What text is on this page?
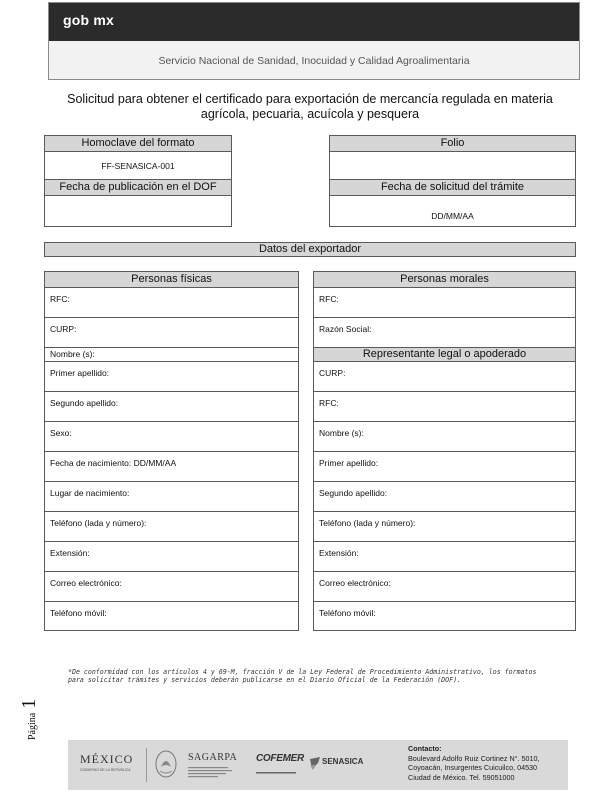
gob mx
Servicio Nacional de Sanidad, Inocuidad y Calidad Agroalimentaria
Solicitud para obtener el certificado para exportación de mercancía regulada en materia
agrícola, pecuaria, acuícola y pesquera
Homoclave del formato
FF-SENASICA-001
Fecha de publicación en el DOF
Folio
Fecha de solicitud del trámite
DD/MM/AA
Datos del exportador
Personas físicas
RFC:
CURP:
Nombre (s):
Primer apellido:
Segundo apellido:
Sexo:
Fecha de nacimiento: DD/MM/AA
Lugar de nacimiento:
Teléfono (lada y número):
Extensión:
Correo electrónico:
Teléfono móvil:
Personas morales
RFC:
Razón Social:
Representante legal o apoderado
CURP:
RFC:
Nombre (s):
Primer apellido:
Segundo apellido:
Teléfono (lada y número):
Extensión:
Correo electrónico:
Teléfono móvil:
*De conformidad con los artículos 4 y 69-M, fracción V de la Ley Federal de Procedimiento Administrativo, los formatos para solicitar trámites y servicios deberán publicarse en el Diario Oficial de la Federación (DOF).
Página 1
MÉXICO
GOBIERNO DE LA REPÚBLICA
SAGARPA	COFEMER SENASICA
Contacto:
Boulevard Adolfo Ruiz Cortinez N°. 5010,
Coyoacán, Insurgentes Cuicuilco, 04530
Ciudad de México. Tel. 59051000
